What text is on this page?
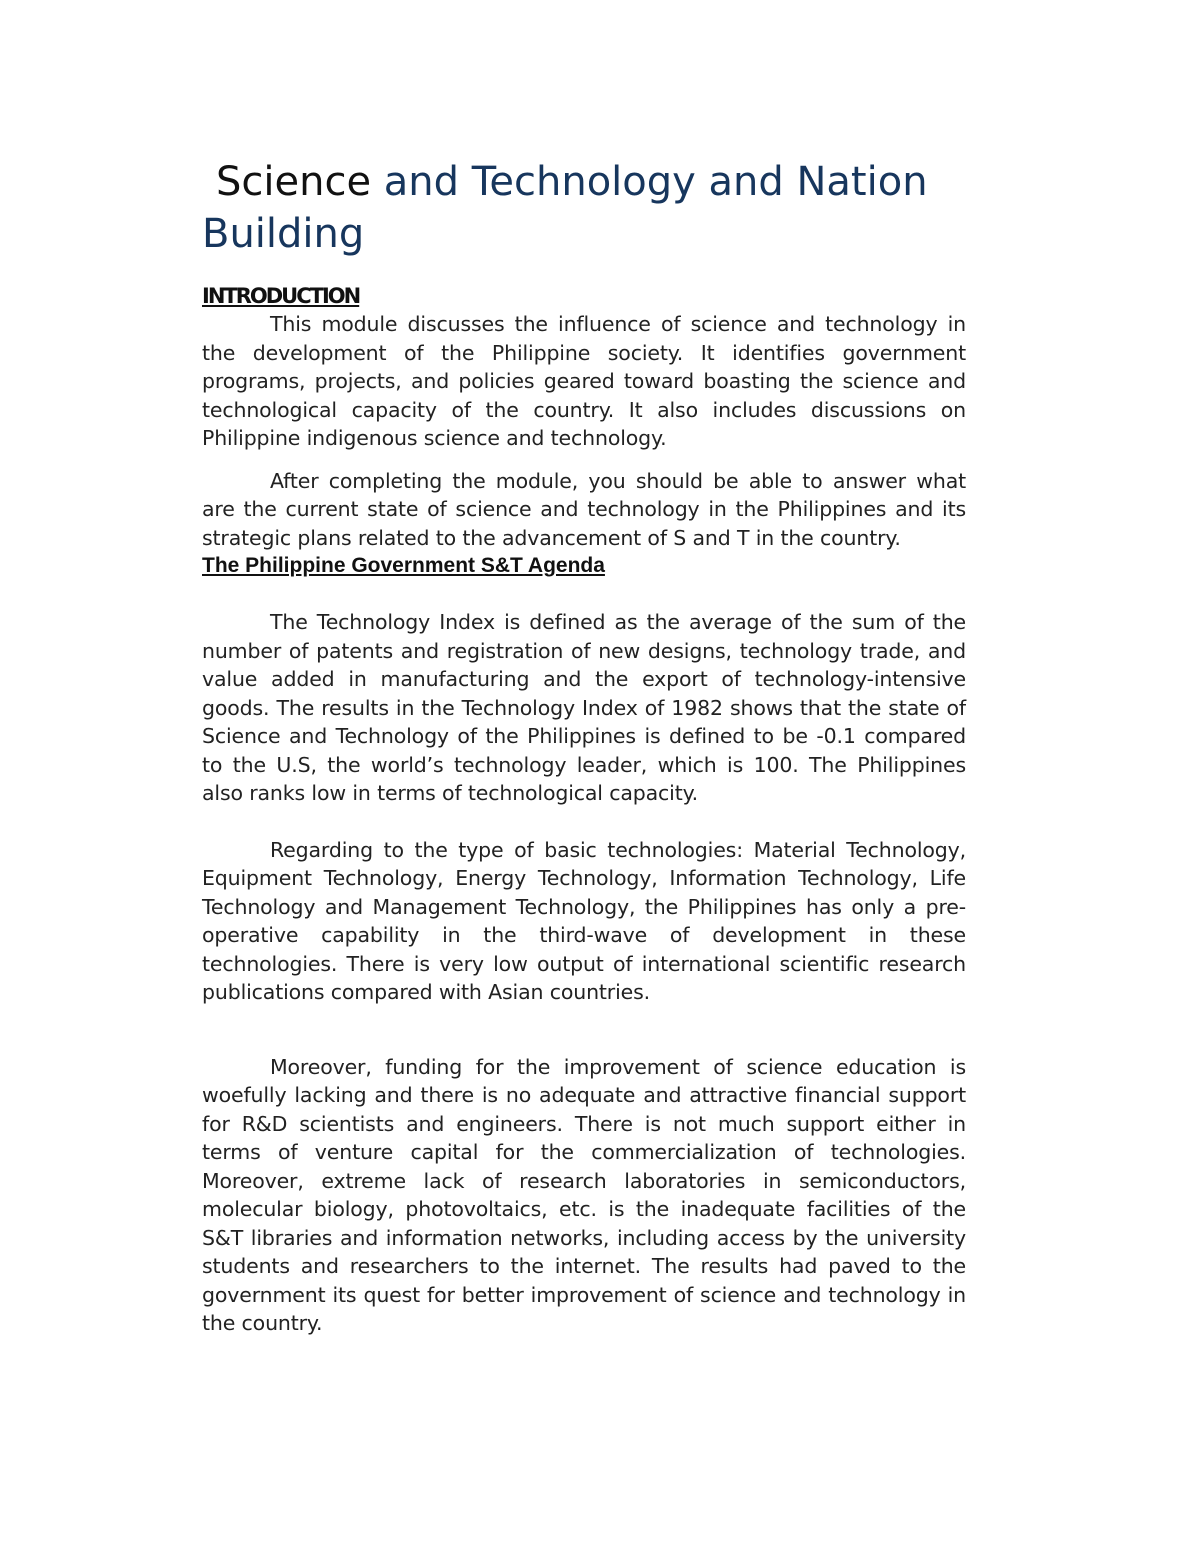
Science and Technology and Nation Building

INTRODUCTION

This module discusses the influence of science and technology in the development of the Philippine society. It identifies government programs, projects, and policies geared toward boasting the science and technological capacity of the country. It also includes discussions on Philippine indigenous science and technology.

After completing the module, you should be able to answer what are the current state of science and technology in the Philippines and its strategic plans related to the advancement of S and T in the country.

The Philippine Government S&T Agenda

The Technology Index is defined as the average of the sum of the number of patents and registration of new designs, technology trade, and value added in manufacturing and the export of technology-intensive goods. The results in the Technology Index of 1982 shows that the state of Science and Technology of the Philippines is defined to be -0.1 compared to the U.S, the world’s technology leader, which is 100. The Philippines also ranks low in terms of technological capacity.

Regarding to the type of basic technologies: Material Technology, Equipment Technology, Energy Technology, Information Technology, Life Technology and Management Technology, the Philippines has only a pre-operative capability in the third-wave of development in these technologies. There is very low output of international scientific research publications compared with Asian countries.

Moreover, funding for the improvement of science education is woefully lacking and there is no adequate and attractive financial support for R&D scientists and engineers. There is not much support either in terms of venture capital for the commercialization of technologies. Moreover, extreme lack of research laboratories in semiconductors, molecular biology, photovoltaics, etc. is the inadequate facilities of the S&T libraries and information networks, including access by the university students and researchers to the internet. The results had paved to the government its quest for better improvement of science and technology in the country.
